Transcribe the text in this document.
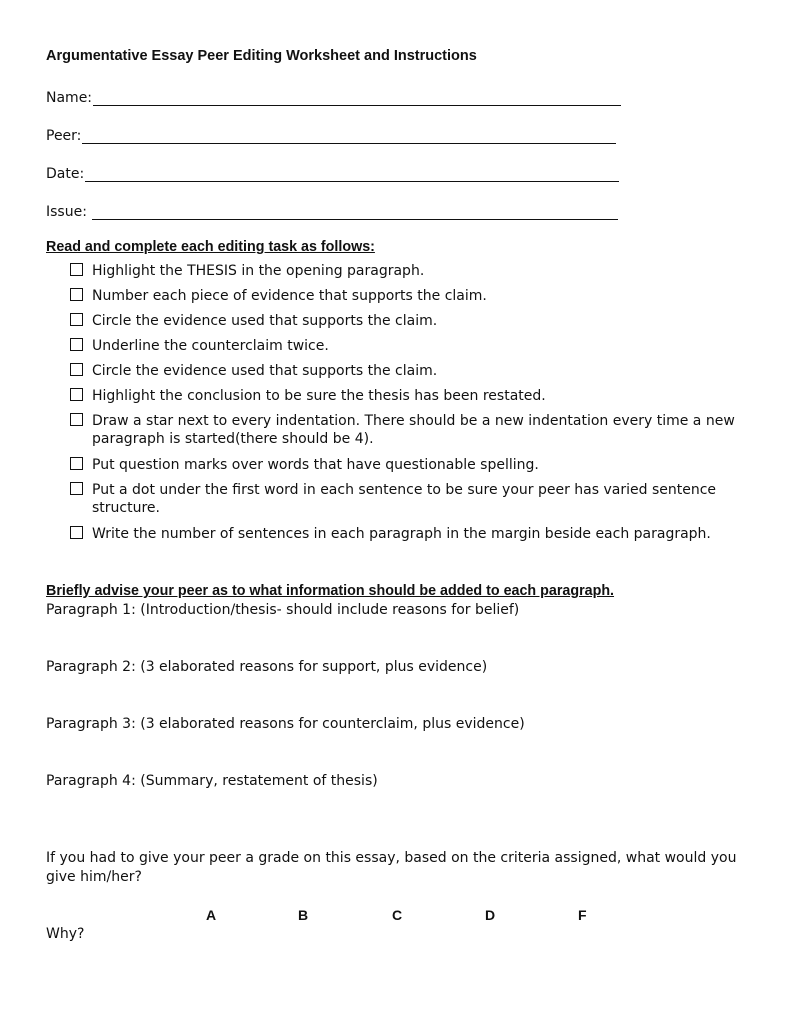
Argumentative Essay Peer Editing Worksheet and Instructions
Name:
Peer:
Date:
Issue:
Read and complete each editing task as follows:
Highlight the THESIS in the opening paragraph.
Number each piece of evidence that supports the claim.
Circle the evidence used that supports the claim.
Underline the counterclaim twice.
Circle the evidence used that supports the claim.
Highlight the conclusion to be sure the thesis has been restated.
Draw a star next to every indentation. There should be a new indentation every time a new paragraph is started(there should be 4).
Put question marks over words that have questionable spelling.
Put a dot under the first word in each sentence to be sure your peer has varied sentence structure.
Write the number of sentences in each paragraph in the margin beside each paragraph.
Briefly advise your peer as to what information should be added to each paragraph.
Paragraph 1: (Introduction/thesis- should include reasons for belief)
Paragraph 2: (3 elaborated reasons for support, plus evidence)
Paragraph 3: (3 elaborated reasons for counterclaim, plus evidence)
Paragraph 4: (Summary, restatement of thesis)
If you had to give your peer a grade on this essay, based on the criteria assigned, what would you give him/her?
A	B	C	D	F
Why?
